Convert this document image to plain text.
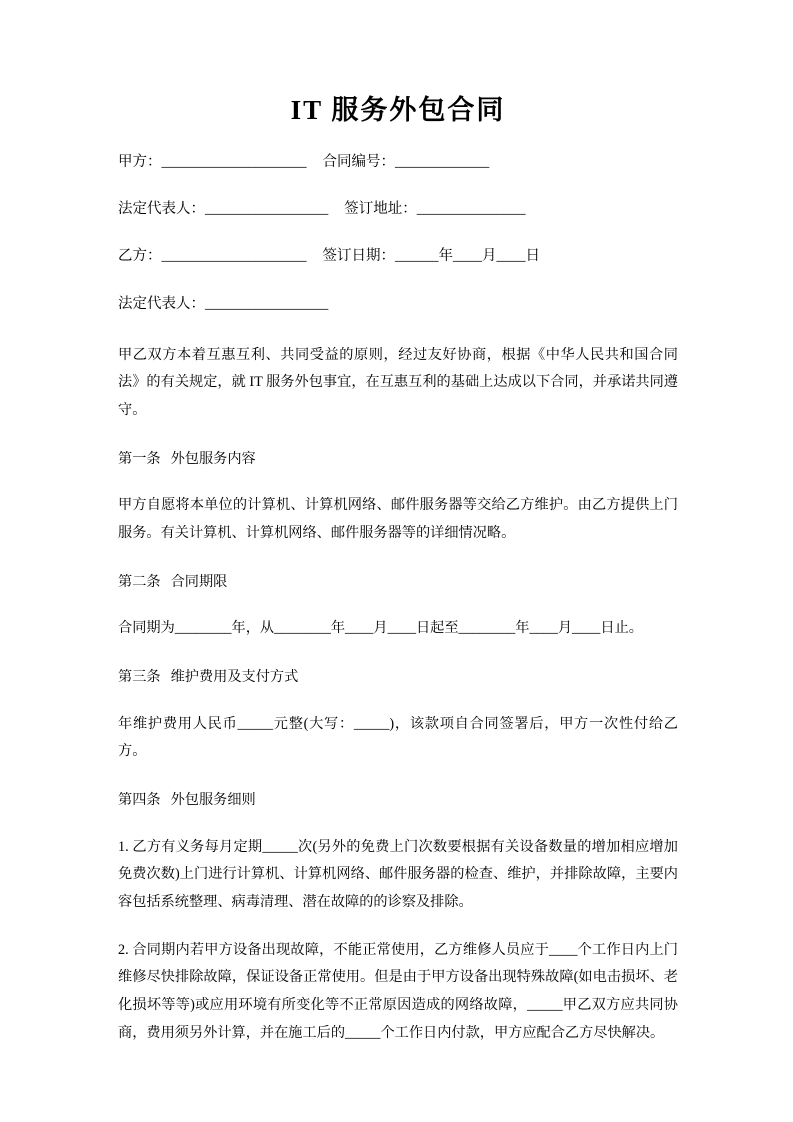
IT 服务外包合同
甲方：____________________ 合同编号：_____________
法定代表人：_________________ 签订地址：_______________
乙方：____________________ 签订日期：______年____月____日
法定代表人：_________________

甲乙双方本着互惠互利、共同受益的原则，经过友好协商，根据《中华人民共和国合同法》的有关规定，就 IT 服务外包事宜，在互惠互利的基础上达成以下合同，并承诺共同遵守。

第一条 外包服务内容

甲方自愿将本单位的计算机、计算机网络、邮件服务器等交给乙方维护。由乙方提供上门服务。有关计算机、计算机网络、邮件服务器等的详细情况略。

第二条 合同期限

合同期为________年，从________年____月____日起至________年____月____日止。

第三条 维护费用及支付方式

年维护费用人民币_____元整(大写：_____)，该款项自合同签署后，甲方一次性付给乙方。

第四条 外包服务细则

1. 乙方有义务每月定期_____次(另外的免费上门次数要根据有关设备数量的增加相应增加免费次数)上门进行计算机、计算机网络、邮件服务器的检查、维护，并排除故障，主要内容包括系统整理、病毒清理、潜在故障的的诊察及排除。

2. 合同期内若甲方设备出现故障，不能正常使用，乙方维修人员应于____个工作日内上门维修尽快排除故障，保证设备正常使用。但是由于甲方设备出现特殊故障(如电击损坏、老化损坏等等)或应用环境有所变化等不正常原因造成的网络故障，_____甲乙双方应共同协商，费用须另外计算，并在施工后的_____个工作日内付款，甲方应配合乙方尽快解决。
